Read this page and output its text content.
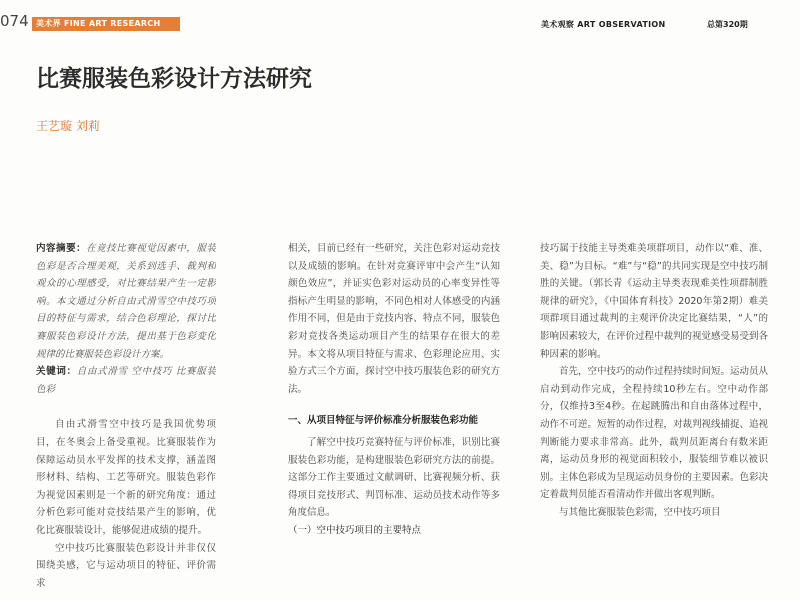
074 美术界 FINE ART RESEARCH	美术观察 ART OBSERVATION	总第320期
比赛服装色彩设计方法研究
王艺璇 刘莉
内容摘要：在竞技比赛视觉因素中，服装色彩是否合理美观，关系到选手、裁判和观众的心理感受，对比赛结果产生一定影响。本文通过分析自由式滑雪空中技巧项目的特征与需求，结合色彩理论，探讨比赛服装色彩设计方法，提出基于色彩变化规律的比赛服装色彩设计方案。
关键词：自由式滑雪 空中技巧 比赛服装 色彩

自由式滑雪空中技巧是我国优势项目，在冬奥会上备受重视。比赛服装作为保障运动员水平发挥的技术支撑，涵盖图形材料、结构、工艺等研究。服装色彩作为视觉因素则是一个新的研究角度：通过分析色彩可能对竞技结果产生的影响，优化比赛服装设计，能够促进成绩的提升。

空中技巧比赛服装色彩设计并非仅仅围绕美感，它与运动项目的特征、评价需求

相关，目前已经有一些研究，关注色彩对运动竞技以及成绩的影响。在针对竞赛评审中会产生“认知颜色效应”，并证实色彩对运动员的心率变异性等指标产生明显的影响，不同色相对人体感受的内涵作用不同，但是由于竞技内容、特点不同，服装色彩对竞技各类运动项目产生的结果存在很大的差异。本文将从项目特征与需求、色彩理论应用、实验方式三个方面，探讨空中技巧服装色彩的研究方法。

一、从项目特征与评价标准分析服装色彩功能

了解空中技巧竞赛特征与评价标准，识别比赛服装色彩功能，是构建服装色彩研究方法的前提。这部分工作主要通过文献调研、比赛视频分析、获得项目竞技形式、判罚标准、运动员技术动作等多角度信息。

（一）空中技巧项目的主要特点

技巧属于技能主导类难美项群项目，动作以“难、准、美、稳”为目标。“难”与“稳”的共同实现是空中技巧制胜的关键。（郭长青《运动主导类表现难美性项群制胜规律的研究》，《中国体育科技》2020年第2期）难美项群项目通过裁判的主观评价决定比赛结果，“人”的影响因素较大，在评价过程中裁判的视觉感受易受到各种因素的影响。

首先，空中技巧的动作过程持续时间短。运动员从启动到动作完成，全程持续10秒左右。空中动作部分，仅维持3至4秒。在起跳腾出和自由落体过程中，动作不可逆。短暂的动作过程，对裁判视线捕捉、追视判断能力要求非常高。此外，裁判员距离台有数米距离，运动员身形的视觉面积较小，服装细节难以被识别。主体色彩成为呈现运动员身份的主要因素。色彩决定着裁判员能否看清动作并做出客观判断。

与其他比赛服装色彩需，空中技巧项目
